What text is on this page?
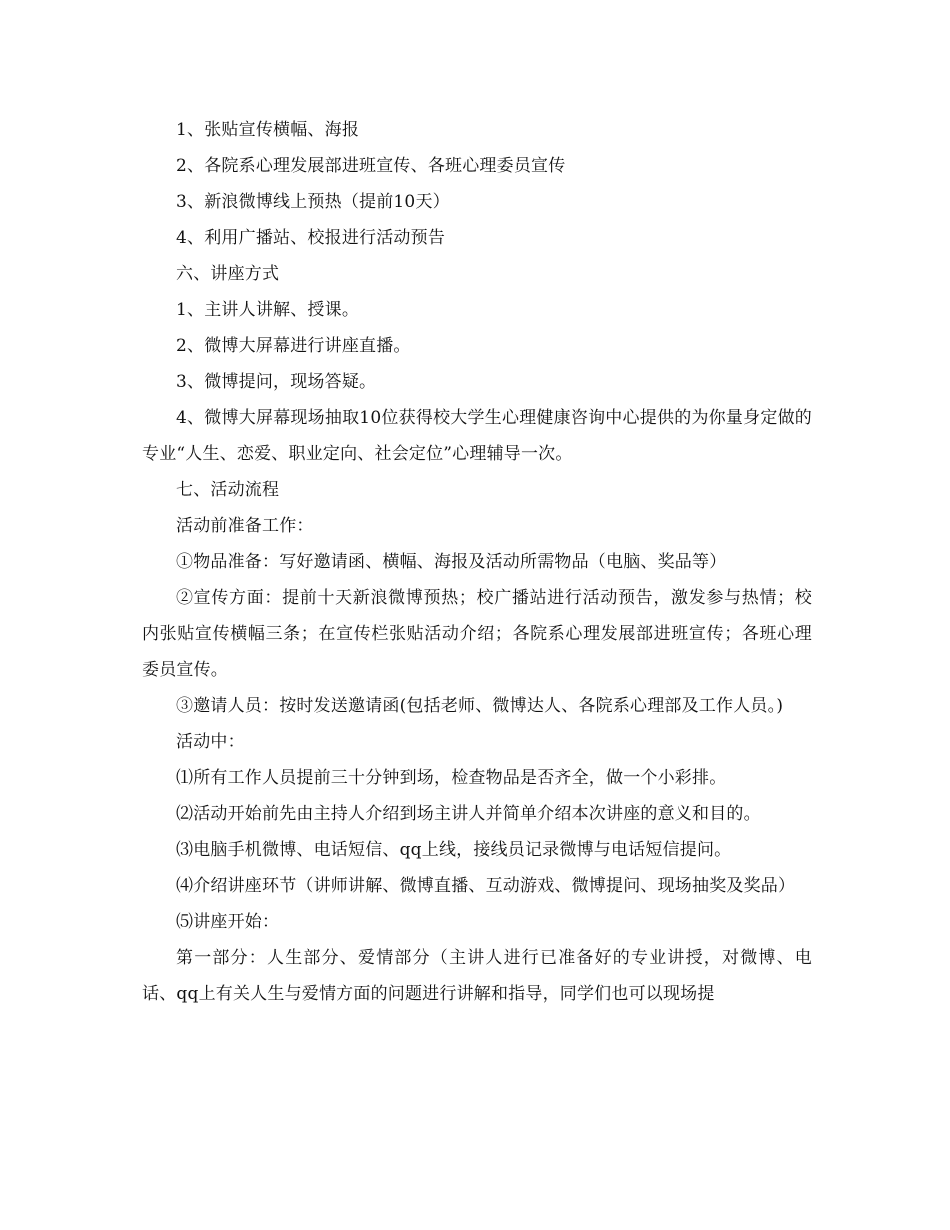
1、张贴宣传横幅、海报

2、各院系心理发展部进班宣传、各班心理委员宣传

3、新浪微博线上预热（提前10天）

4、利用广播站、校报进行活动预告

六、讲座方式

1、主讲人讲解、授课。

2、微博大屏幕进行讲座直播。

3、微博提问，现场答疑。

4、微博大屏幕现场抽取10位获得校大学生心理健康咨询中心提供的为你量身定做的专业“人生、恋爱、职业定向、社会定位”心理辅导一次。

七、活动流程

活动前准备工作：

①物品准备：写好邀请函、横幅、海报及活动所需物品（电脑、奖品等）

②宣传方面：提前十天新浪微博预热；校广播站进行活动预告，激发参与热情；校内张贴宣传横幅三条；在宣传栏张贴活动介绍；各院系心理发展部进班宣传；各班心理委员宣传。

③邀请人员：按时发送邀请函(包括老师、微博达人、各院系心理部及工作人员。)

活动中：

⑴所有工作人员提前三十分钟到场，检查物品是否齐全，做一个小彩排。

⑵活动开始前先由主持人介绍到场主讲人并简单介绍本次讲座的意义和目的。

⑶电脑手机微博、电话短信、qq上线，接线员记录微博与电话短信提问。

⑷介绍讲座环节（讲师讲解、微博直播、互动游戏、微博提问、现场抽奖及奖品）

⑸讲座开始：

第一部分：人生部分、爱情部分（主讲人进行已准备好的专业讲授，对微博、电话、qq上有关人生与爱情方面的问题进行讲解和指导，同学们也可以现场提
